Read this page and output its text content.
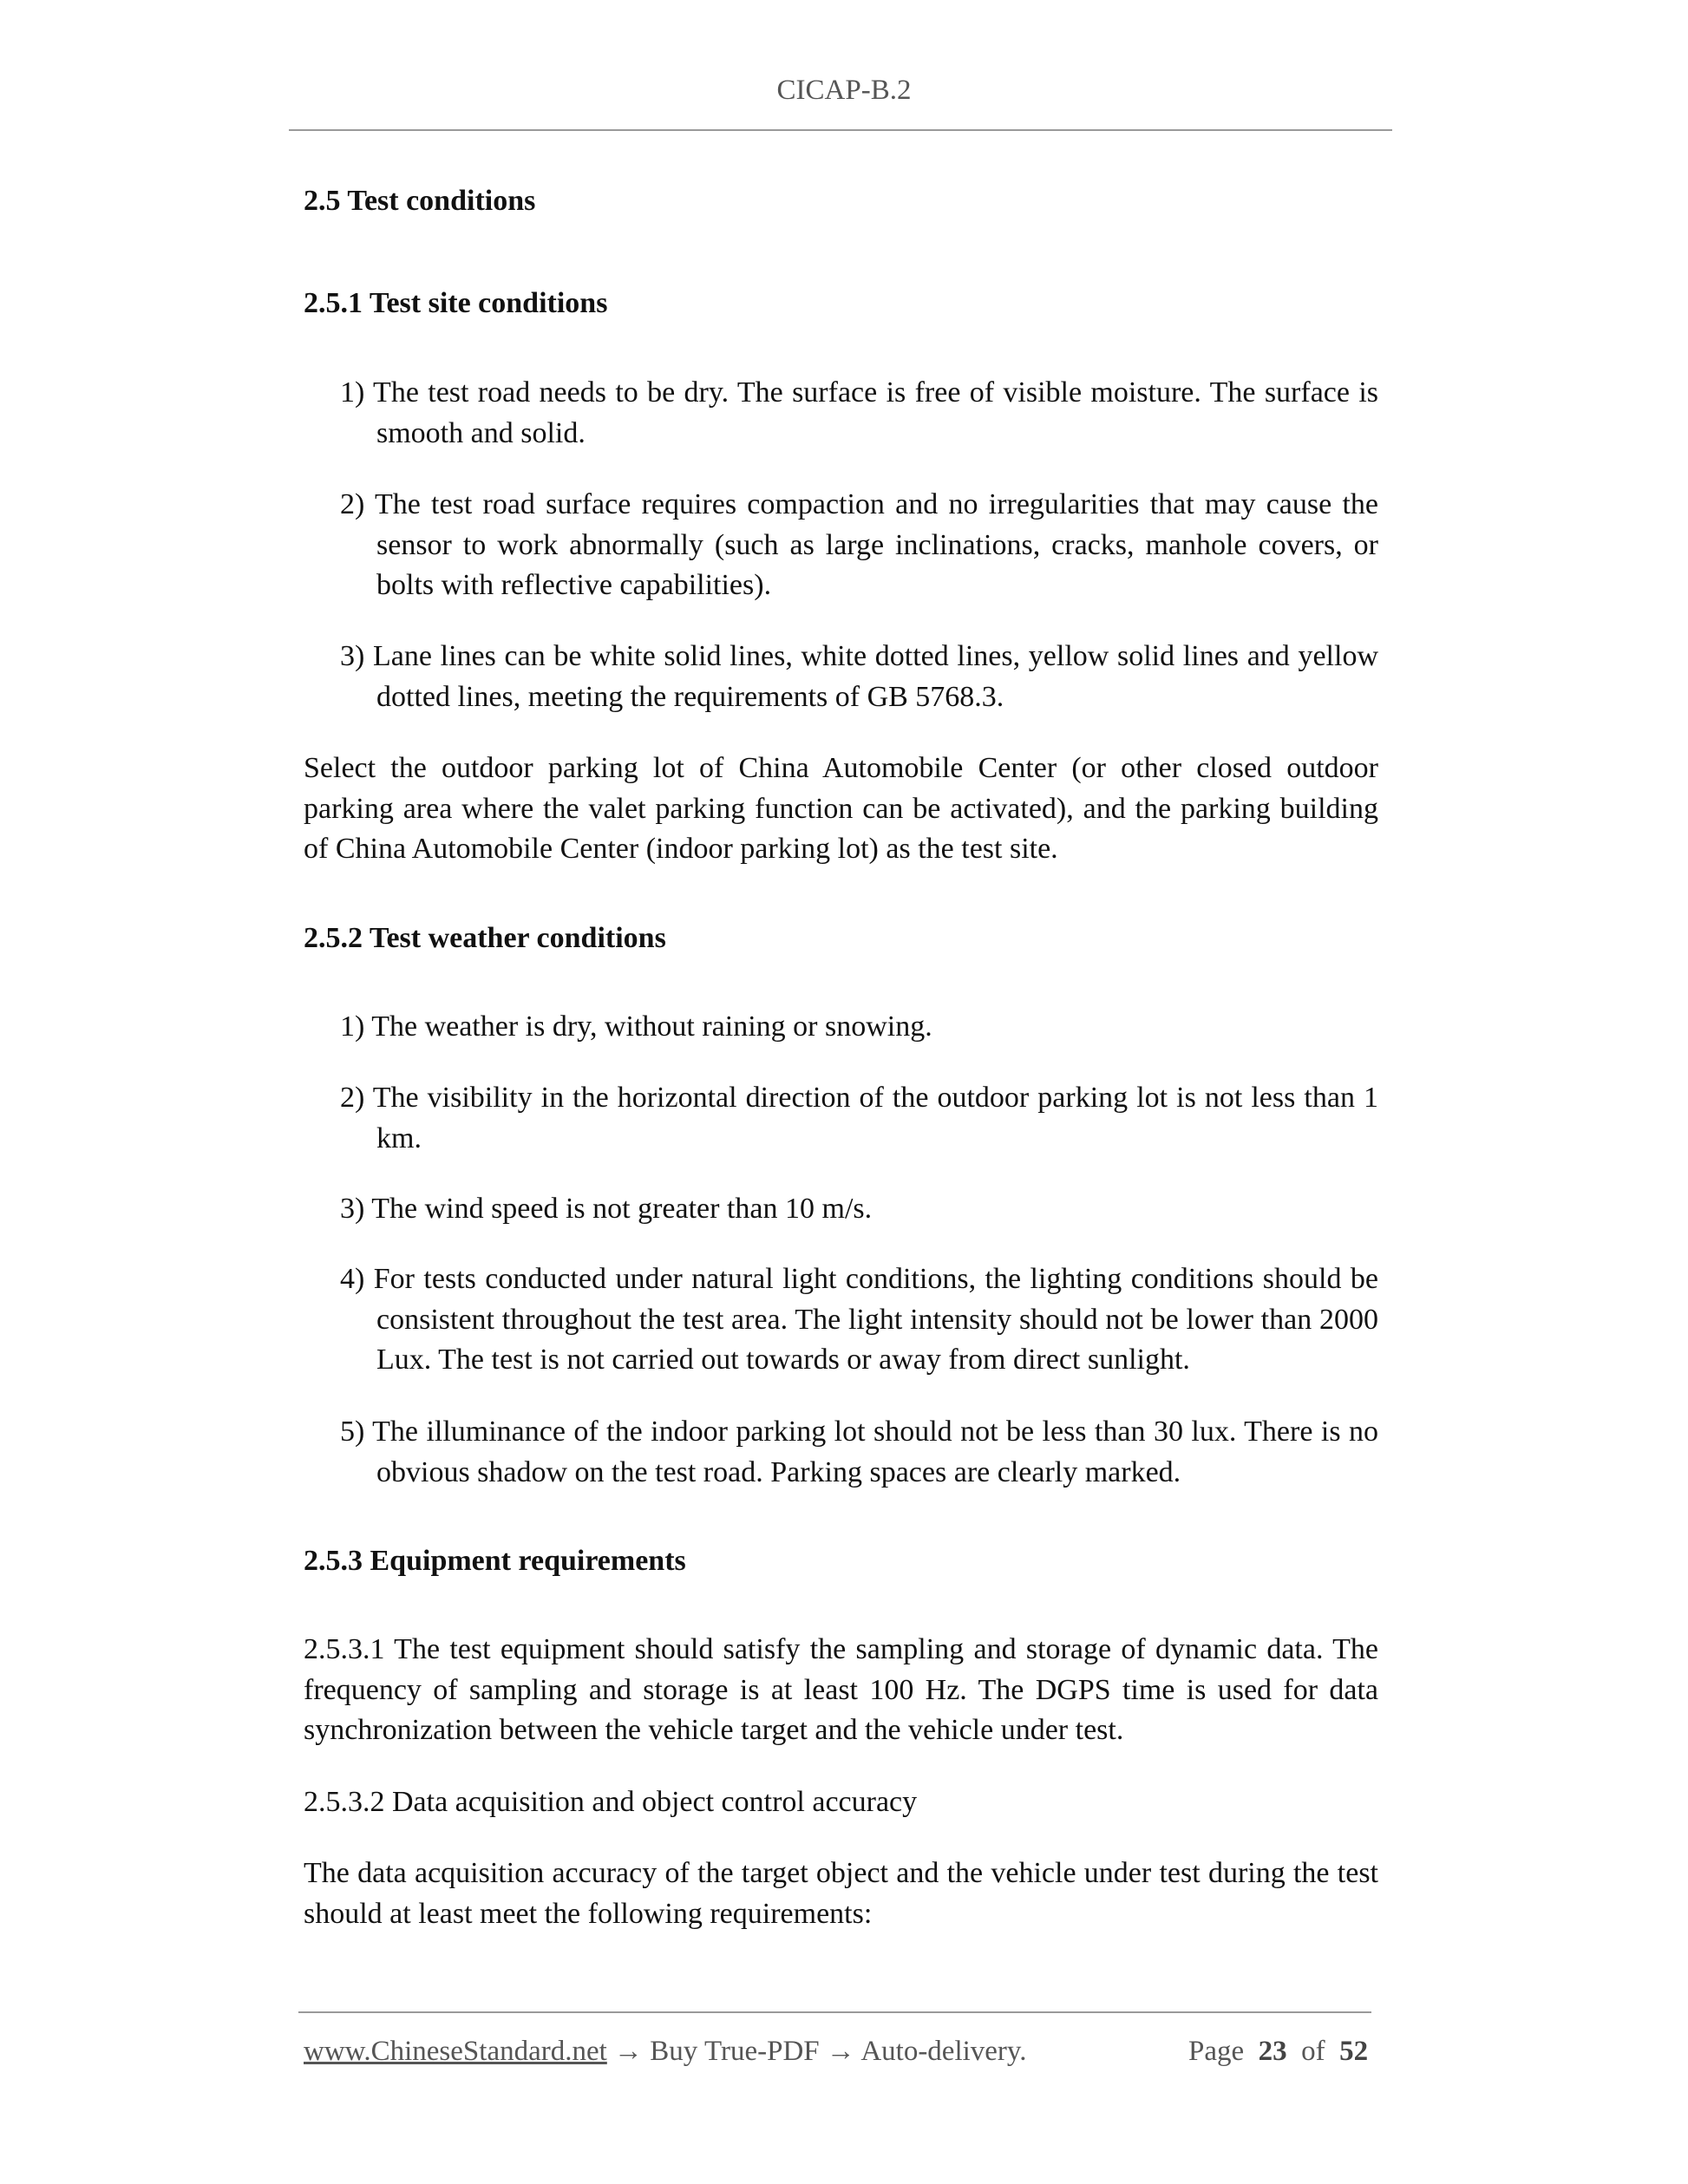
CICAP-B.2
2.5 Test conditions
2.5.1 Test site conditions

1) The test road needs to be dry. The surface is free of visible moisture. The surface is smooth and solid.

2) The test road surface requires compaction and no irregularities that may cause the sensor to work abnormally (such as large inclinations, cracks, manhole covers, or bolts with reflective capabilities).

3) Lane lines can be white solid lines, white dotted lines, yellow solid lines and yellow dotted lines, meeting the requirements of GB 5768.3.

Select the outdoor parking lot of China Automobile Center (or other closed outdoor parking area where the valet parking function can be activated), and the parking building of China Automobile Center (indoor parking lot) as the test site.

2.5.2 Test weather conditions

1) The weather is dry, without raining or snowing.

2) The visibility in the horizontal direction of the outdoor parking lot is not less than 1 km.

3) The wind speed is not greater than 10 m/s.

4) For tests conducted under natural light conditions, the lighting conditions should be consistent throughout the test area. The light intensity should not be lower than 2000 Lux. The test is not carried out towards or away from direct sunlight.

5) The illuminance of the indoor parking lot should not be less than 30 lux. There is no obvious shadow on the test road. Parking spaces are clearly marked.

2.5.3 Equipment requirements

2.5.3.1 The test equipment should satisfy the sampling and storage of dynamic data. The frequency of sampling and storage is at least 100 Hz. The DGPS time is used for data synchronization between the vehicle target and the vehicle under test.

2.5.3.2 Data acquisition and object control accuracy

The data acquisition accuracy of the target object and the vehicle under test during the test should at least meet the following requirements:

www.ChineseStandard.net → Buy True-PDF → Auto-delivery.	Page 23 of 52
